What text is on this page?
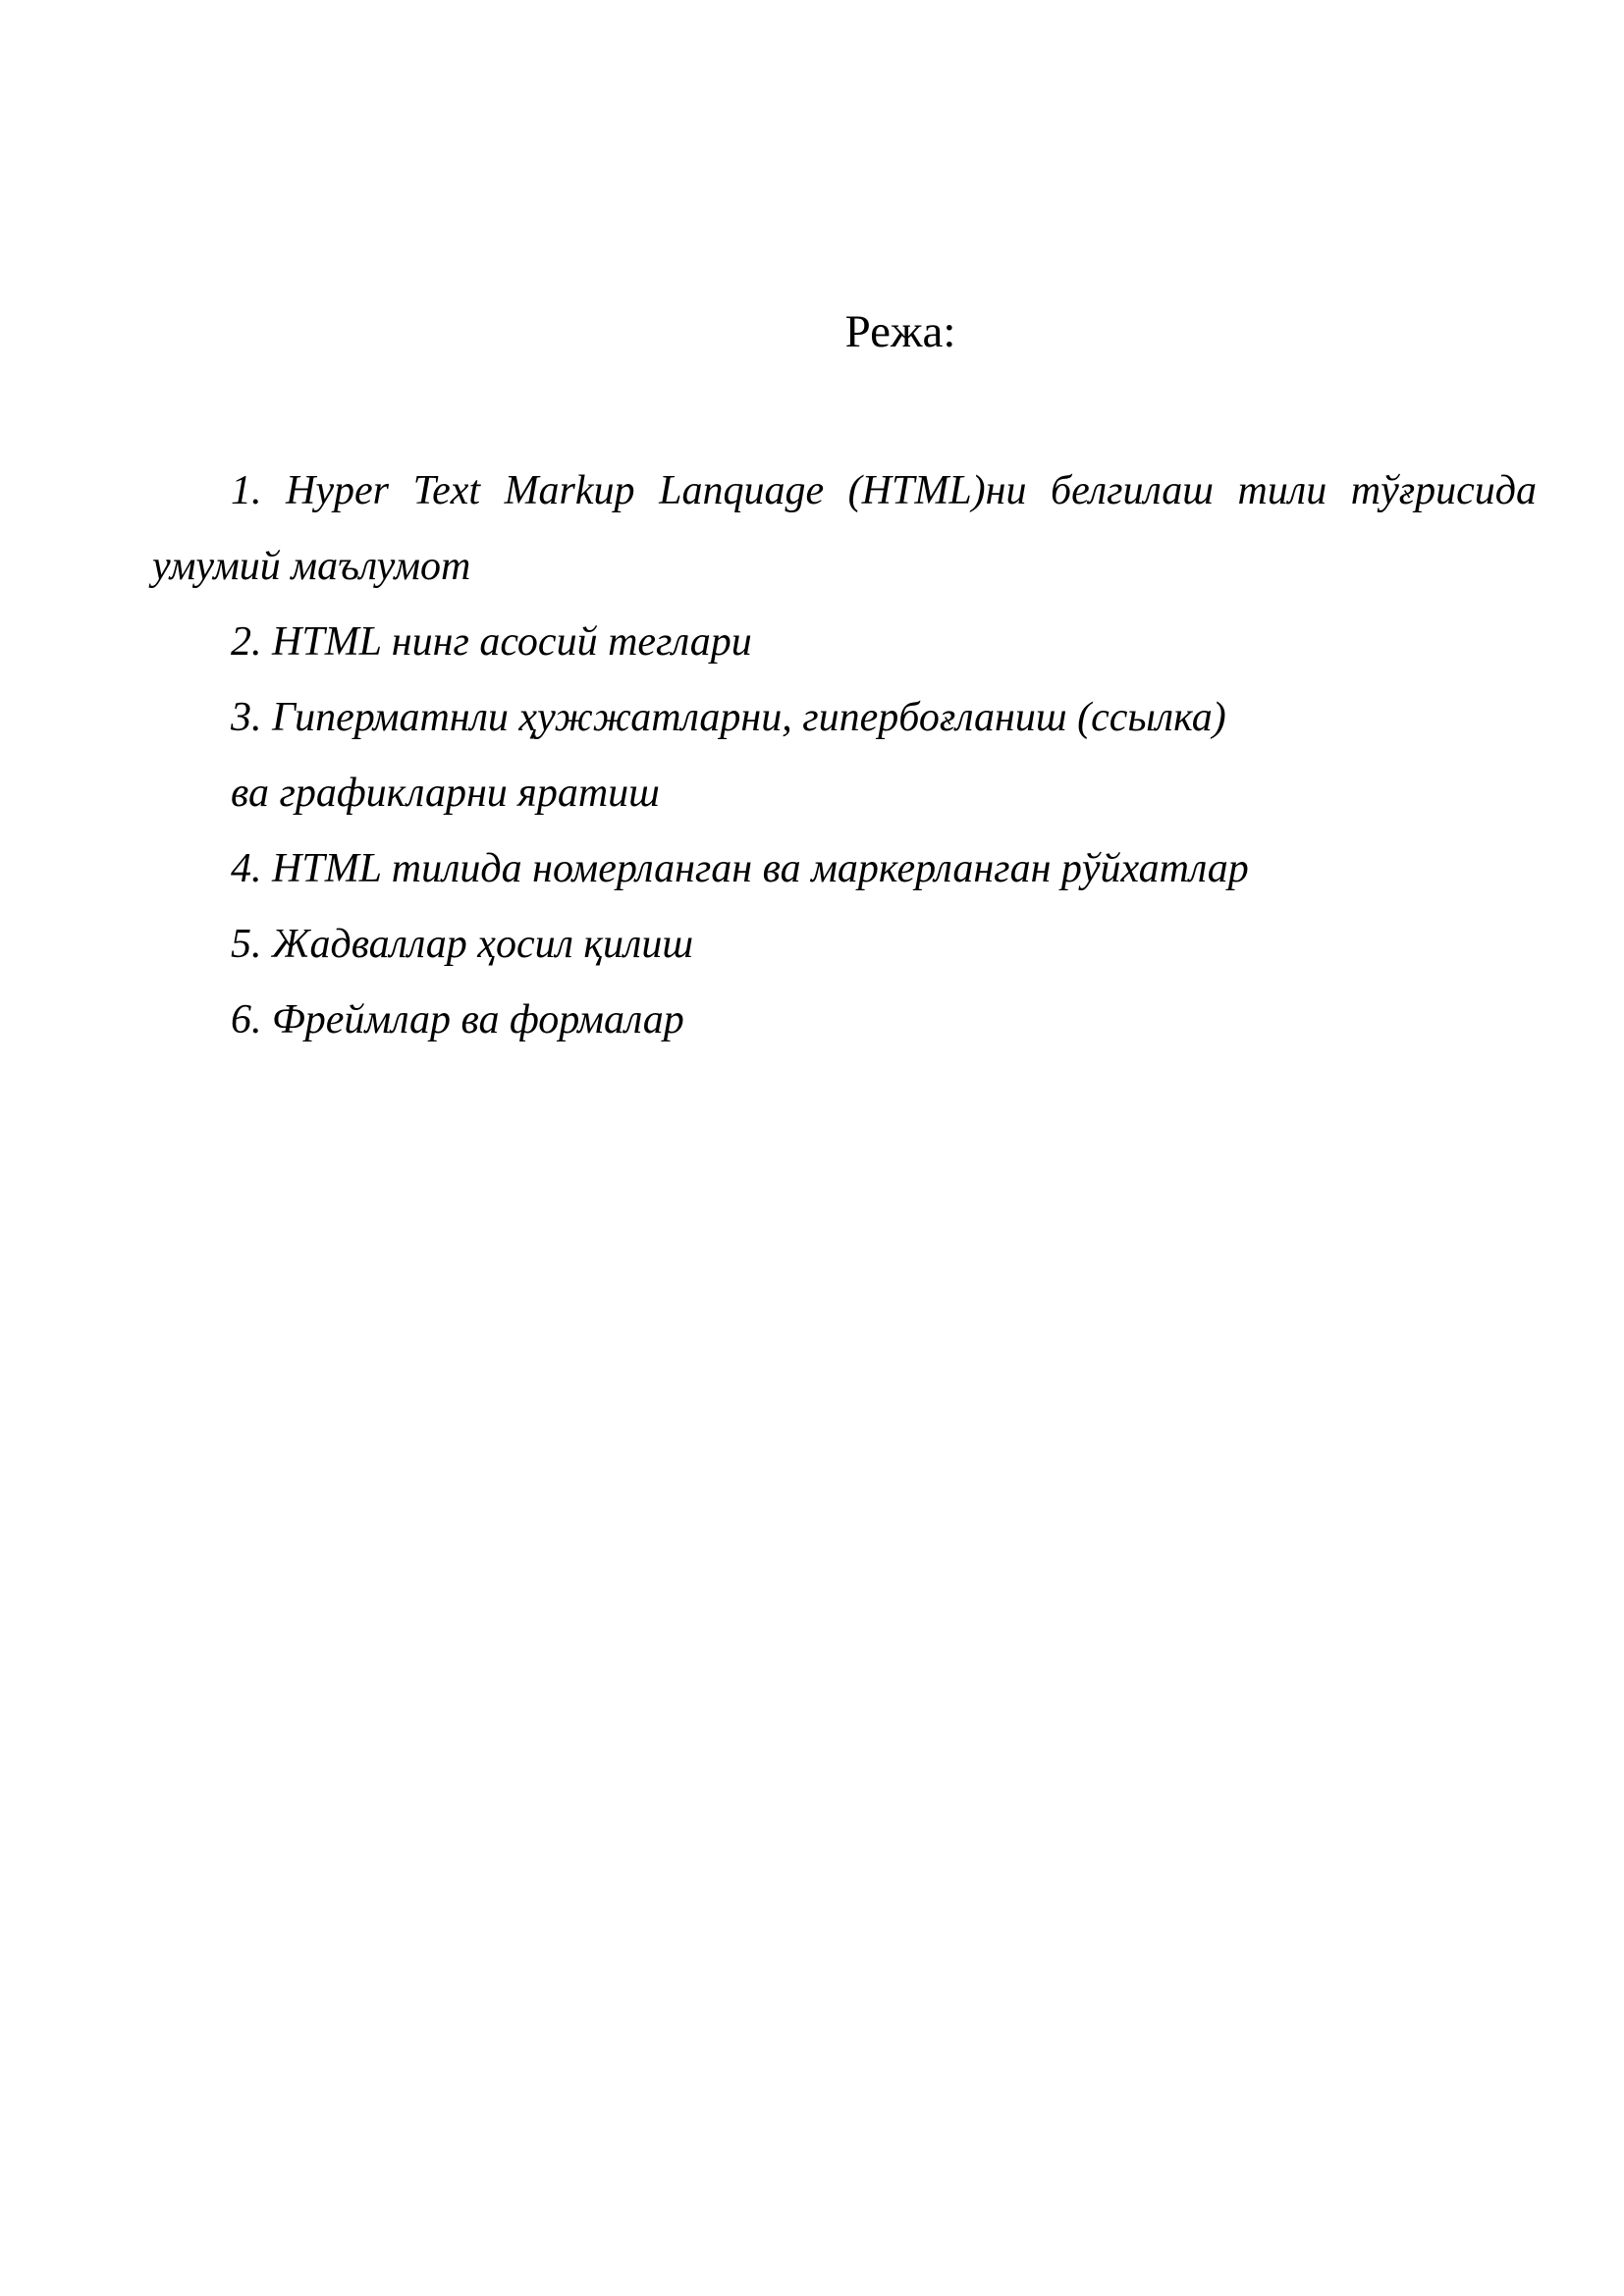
Режа:

1. Hyper Text Markup Lanquage (HTML)ни белгилаш тили тўғрисида умумий маълумот

2. HTML нинг асосий теглари

3. Гиперматнли ҳужжатларни, гипербоғланиш (ссылка)

ва графикларни яратиш

4. HTML тилида номерланган ва маркерланган рўйхатлар

5. Жадваллар ҳосил қилиш

6. Фреймлар ва формалар
